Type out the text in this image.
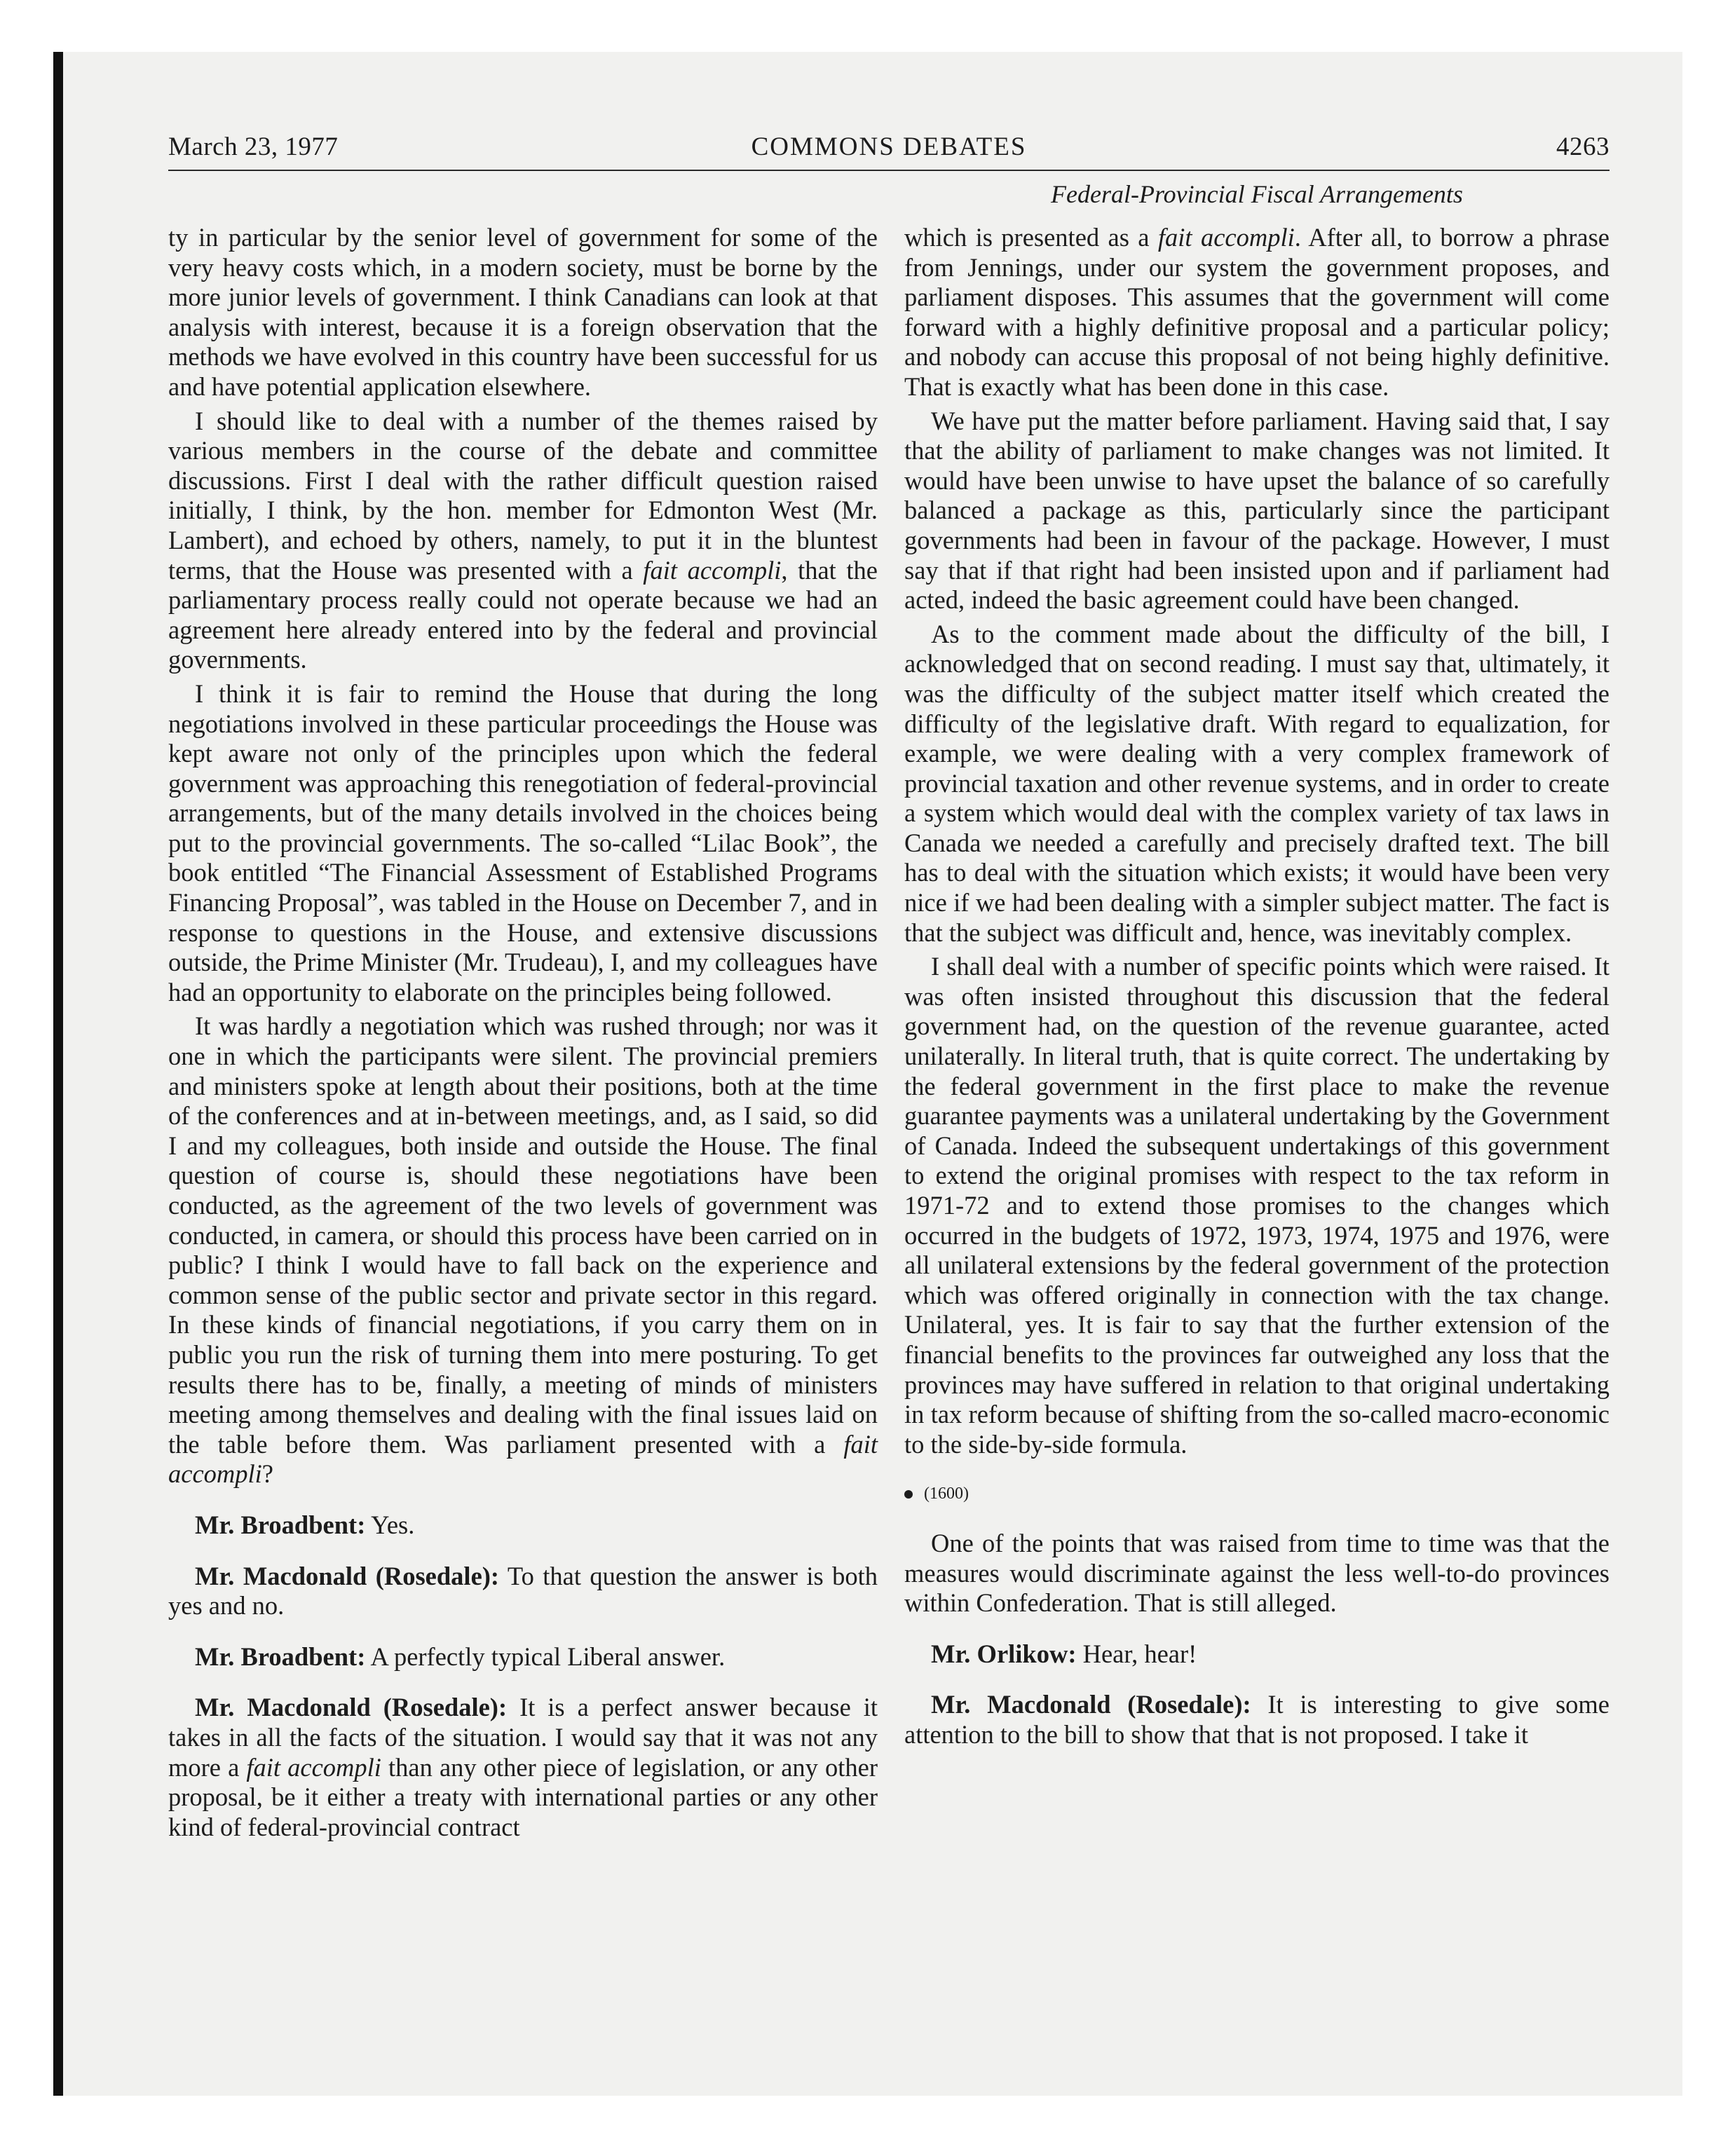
March 23, 1977	COMMONS DEBATES	4263
Federal-Provincial Fiscal Arrangements

ty in particular by the senior level of government for some of the very heavy costs which, in a modern society, must be borne by the more junior levels of government. I think Canadians can look at that analysis with interest, because it is a foreign observation that the methods we have evolved in this country have been successful for us and have potential application elsewhere.

I should like to deal with a number of the themes raised by various members in the course of the debate and committee discussions. First I deal with the rather difficult question raised initially, I think, by the hon. member for Edmonton West (Mr. Lambert), and echoed by others, namely, to put it in the bluntest terms, that the House was presented with a fait accompli, that the parliamentary process really could not operate because we had an agreement here already entered into by the federal and provincial governments.

I think it is fair to remind the House that during the long negotiations involved in these particular proceedings the House was kept aware not only of the principles upon which the federal government was approaching this renegotiation of federal-provincial arrangements, but of the many details involved in the choices being put to the provincial governments. The so-called “Lilac Book”, the book entitled “The Financial Assessment of Established Programs Financing Proposal”, was tabled in the House on December 7, and in response to questions in the House, and extensive discussions outside, the Prime Minister (Mr. Trudeau), I, and my colleagues have had an opportunity to elaborate on the principles being followed.

It was hardly a negotiation which was rushed through; nor was it one in which the participants were silent. The provincial premiers and ministers spoke at length about their positions, both at the time of the conferences and at in-between meetings, and, as I said, so did I and my colleagues, both inside and outside the House. The final question of course is, should these negotiations have been conducted, as the agreement of the two levels of government was conducted, in camera, or should this process have been carried on in public? I think I would have to fall back on the experience and common sense of the public sector and private sector in this regard. In these kinds of financial negotiations, if you carry them on in public you run the risk of turning them into mere posturing. To get results there has to be, finally, a meeting of minds of ministers meeting among themselves and dealing with the final issues laid on the table before them. Was parliament presented with a fait accompli?

Mr. Broadbent: Yes.

Mr. Macdonald (Rosedale): To that question the answer is both yes and no.

Mr. Broadbent: A perfectly typical Liberal answer.

Mr. Macdonald (Rosedale): It is a perfect answer because it takes in all the facts of the situation. I would say that it was not any more a fait accompli than any other piece of legislation, or any other proposal, be it either a treaty with international parties or any other kind of federal-provincial contract

which is presented as a fait accompli. After all, to borrow a phrase from Jennings, under our system the government proposes, and parliament disposes. This assumes that the government will come forward with a highly definitive proposal and a particular policy; and nobody can accuse this proposal of not being highly definitive. That is exactly what has been done in this case.

We have put the matter before parliament. Having said that, I say that the ability of parliament to make changes was not limited. It would have been unwise to have upset the balance of so carefully balanced a package as this, particularly since the participant governments had been in favour of the package. However, I must say that if that right had been insisted upon and if parliament had acted, indeed the basic agreement could have been changed.

As to the comment made about the difficulty of the bill, I acknowledged that on second reading. I must say that, ultimately, it was the difficulty of the subject matter itself which created the difficulty of the legislative draft. With regard to equalization, for example, we were dealing with a very complex framework of provincial taxation and other revenue systems, and in order to create a system which would deal with the complex variety of tax laws in Canada we needed a carefully and precisely drafted text. The bill has to deal with the situation which exists; it would have been very nice if we had been dealing with a simpler subject matter. The fact is that the subject was difficult and, hence, was inevitably complex.

I shall deal with a number of specific points which were raised. It was often insisted throughout this discussion that the federal government had, on the question of the revenue guarantee, acted unilaterally. In literal truth, that is quite correct. The undertaking by the federal government in the first place to make the revenue guarantee payments was a unilateral undertaking by the Government of Canada. Indeed the subsequent undertakings of this government to extend the original promises with respect to the tax reform in 1971-72 and to extend those promises to the changes which occurred in the budgets of 1972, 1973, 1974, 1975 and 1976, were all unilateral extensions by the federal government of the protection which was offered originally in connection with the tax change. Unilateral, yes. It is fair to say that the further extension of the financial benefits to the provinces far outweighed any loss that the provinces may have suffered in relation to that original undertaking in tax reform because of shifting from the so-called macro-economic to the side-by-side formula.

(1600)

One of the points that was raised from time to time was that the measures would discriminate against the less well-to-do provinces within Confederation. That is still alleged.

Mr. Orlikow: Hear, hear!

Mr. Macdonald (Rosedale): It is interesting to give some attention to the bill to show that that is not proposed. I take it
